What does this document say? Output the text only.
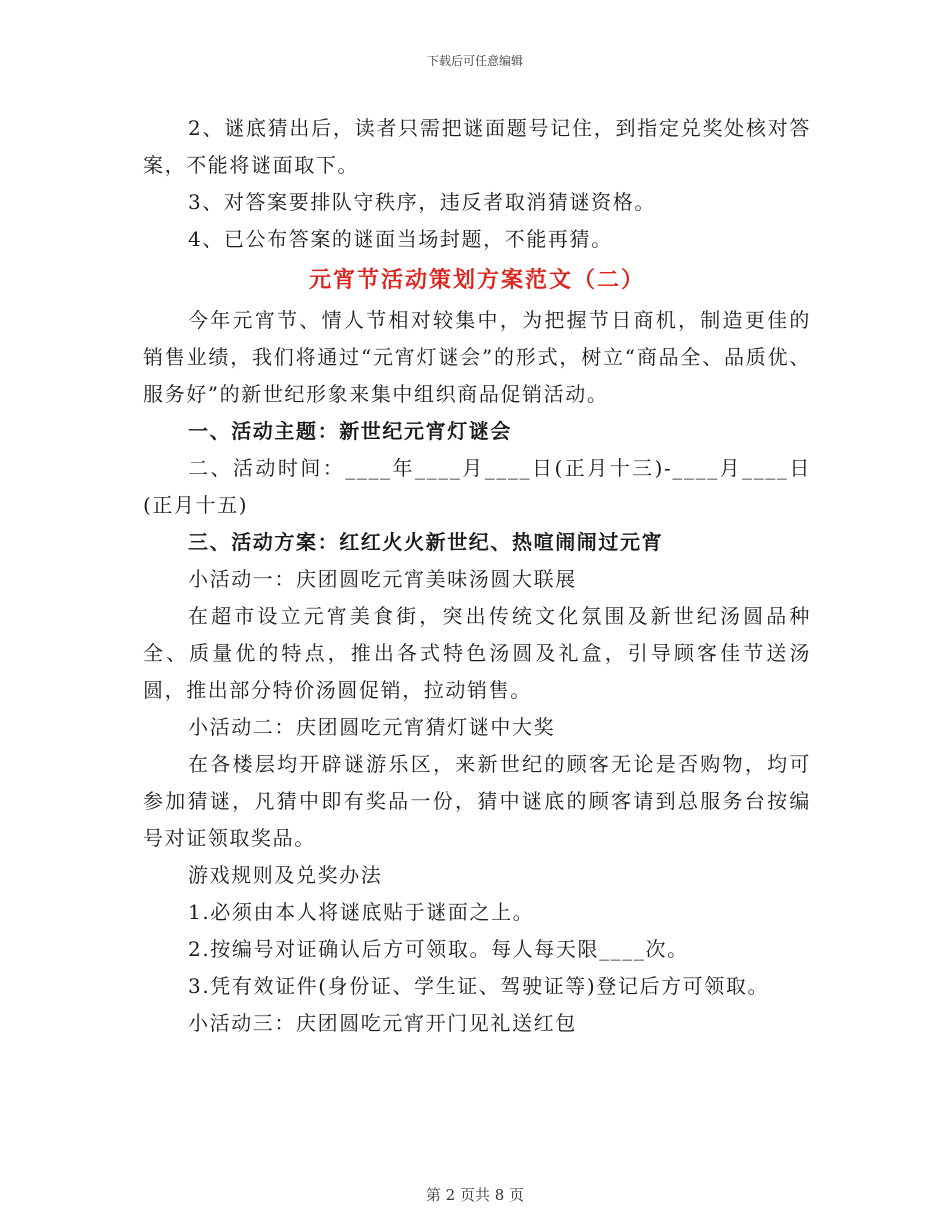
下载后可任意编辑

2、谜底猜出后，读者只需把谜面题号记住，到指定兑奖处核对答案，不能将谜面取下。

3、对答案要排队守秩序，违反者取消猜谜资格。

4、已公布答案的谜面当场封题，不能再猜。

元宵节活动策划方案范文（二）

今年元宵节、情人节相对较集中，为把握节日商机，制造更佳的销售业绩，我们将通过“元宵灯谜会”的形式，树立“商品全、品质优、服务好”的新世纪形象来集中组织商品促销活动。

一、活动主题：新世纪元宵灯谜会

二、活动时间：____年____月____日(正月十三)-____月____日(正月十五)

三、活动方案：红红火火新世纪、热喧闹闹过元宵

小活动一：庆团圆吃元宵美味汤圆大联展

在超市设立元宵美食街，突出传统文化氛围及新世纪汤圆品种全、质量优的特点，推出各式特色汤圆及礼盒，引导顾客佳节送汤圆，推出部分特价汤圆促销，拉动销售。

小活动二：庆团圆吃元宵猜灯谜中大奖

在各楼层均开辟谜游乐区，来新世纪的顾客无论是否购物，均可参加猜谜，凡猜中即有奖品一份，猜中谜底的顾客请到总服务台按编号对证领取奖品。

游戏规则及兑奖办法

1.必须由本人将谜底贴于谜面之上。

2.按编号对证确认后方可领取。每人每天限____次。

3.凭有效证件(身份证、学生证、驾驶证等)登记后方可领取。

小活动三：庆团圆吃元宵开门见礼送红包

第 2 页共 8 页
